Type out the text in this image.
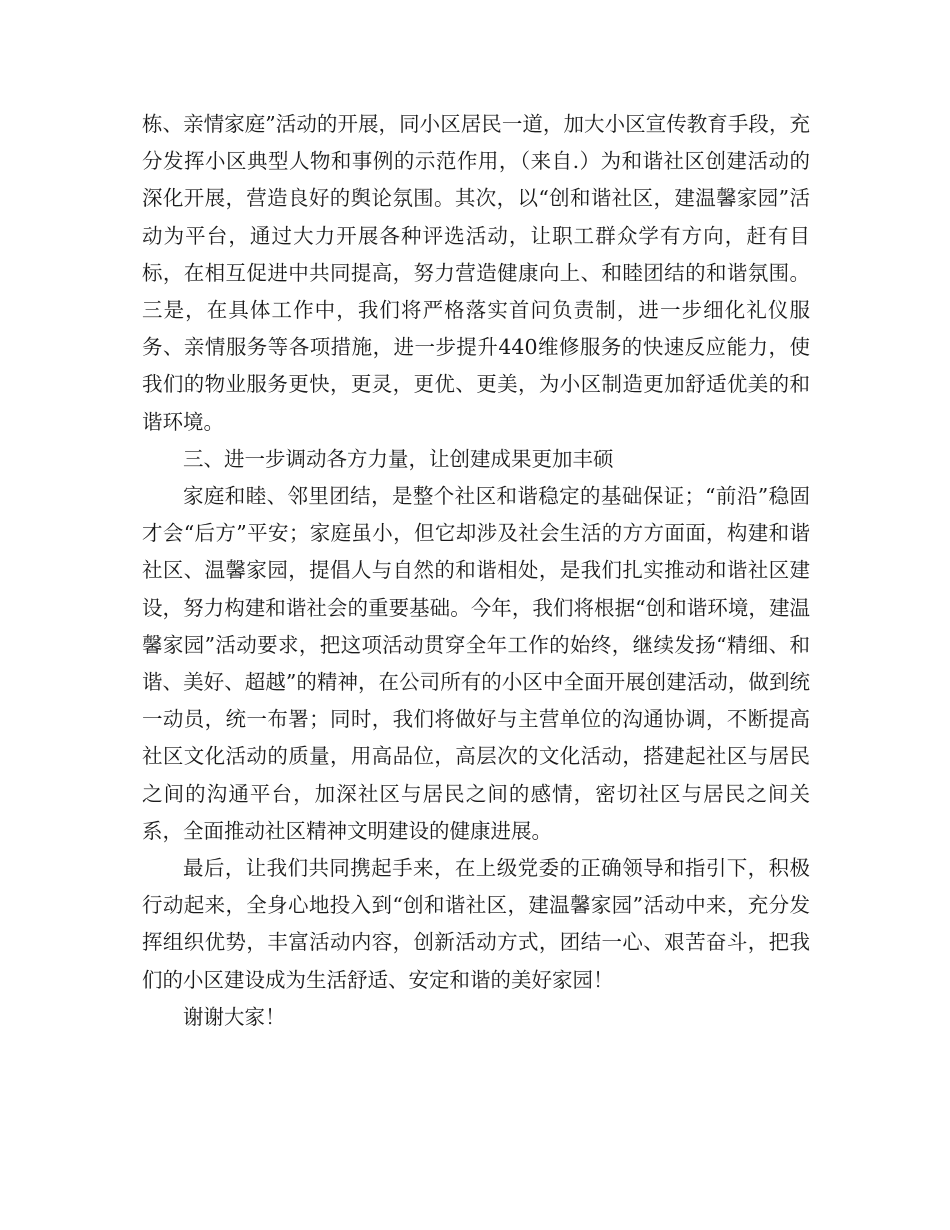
栋、亲情家庭”活动的开展，同小区居民一道，加大小区宣传教育手段，充分发挥小区典型人物和事例的示范作用，（来自.）为和谐社区创建活动的深化开展，营造良好的舆论氛围。其次，以“创和谐社区，建温馨家园”活动为平台，通过大力开展各种评选活动，让职工群众学有方向，赶有目标，在相互促进中共同提高，努力营造健康向上、和睦团结的和谐氛围。三是，在具体工作中，我们将严格落实首问负责制，进一步细化礼仪服务、亲情服务等各项措施，进一步提升440维修服务的快速反应能力，使我们的物业服务更快，更灵，更优、更美，为小区制造更加舒适优美的和谐环境。

三、进一步调动各方力量，让创建成果更加丰硕

家庭和睦、邻里团结，是整个社区和谐稳定的基础保证；“前沿”稳固才会“后方”平安；家庭虽小，但它却涉及社会生活的方方面面，构建和谐社区、温馨家园，提倡人与自然的和谐相处，是我们扎实推动和谐社区建设，努力构建和谐社会的重要基础。今年，我们将根据“创和谐环境，建温馨家园”活动要求，把这项活动贯穿全年工作的始终，继续发扬“精细、和谐、美好、超越”的精神，在公司所有的小区中全面开展创建活动，做到统一动员，统一布署；同时，我们将做好与主营单位的沟通协调，不断提高社区文化活动的质量，用高品位，高层次的文化活动，搭建起社区与居民之间的沟通平台，加深社区与居民之间的感情，密切社区与居民之间关系，全面推动社区精神文明建设的健康进展。

最后，让我们共同携起手来，在上级党委的正确领导和指引下，积极行动起来，全身心地投入到“创和谐社区，建温馨家园”活动中来，充分发挥组织优势，丰富活动内容，创新活动方式，团结一心、艰苦奋斗，把我们的小区建设成为生活舒适、安定和谐的美好家园！

谢谢大家！
